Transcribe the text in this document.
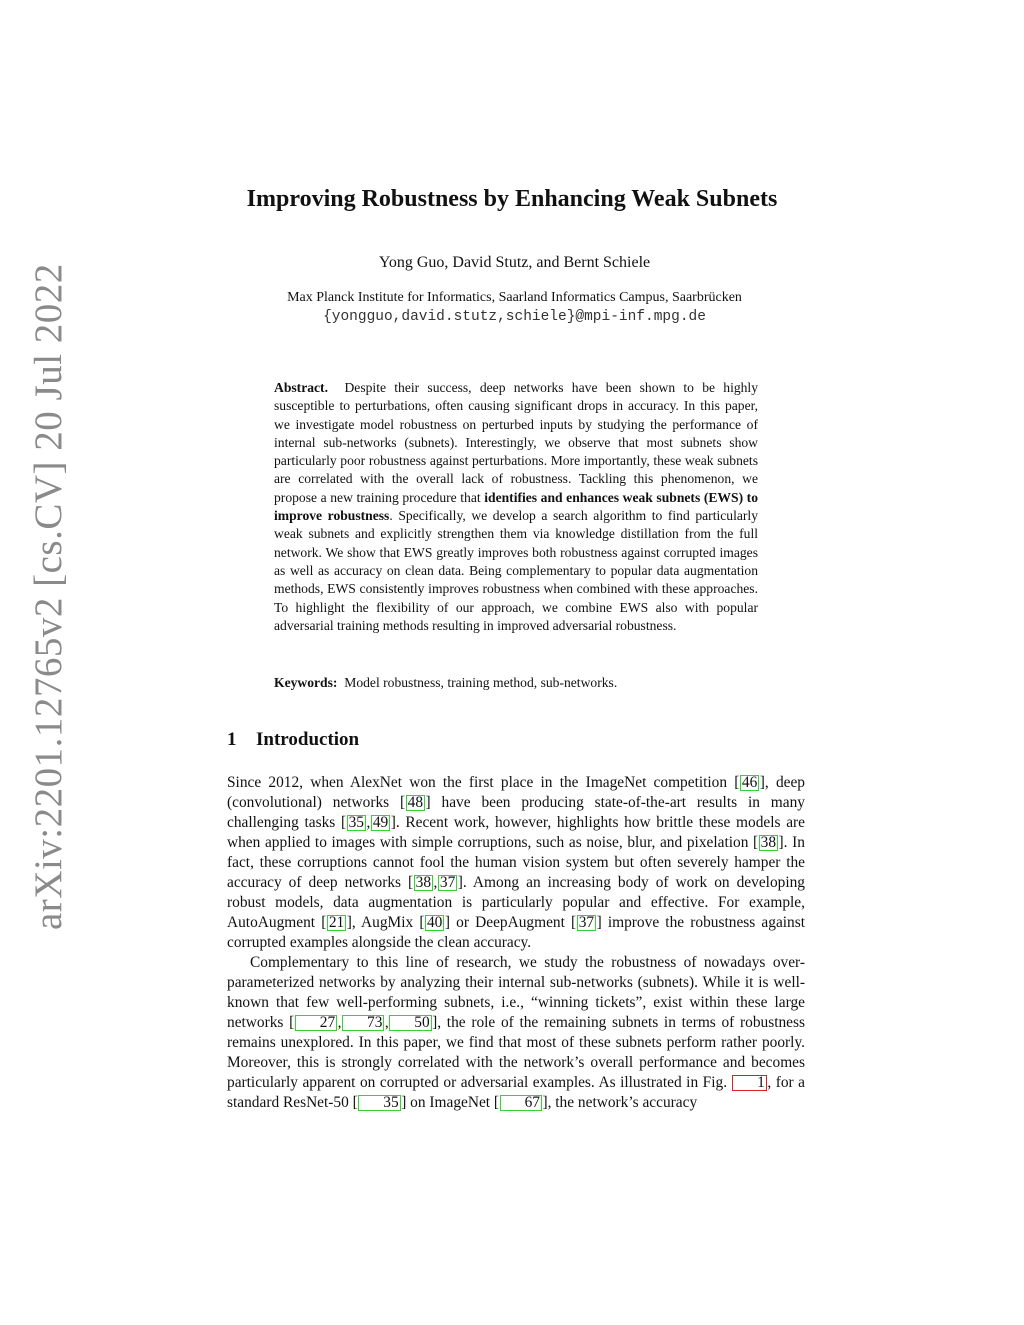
arXiv:2201.12765v2 [cs.CV] 20 Jul 2022
Improving Robustness by Enhancing Weak Subnets
Yong Guo, David Stutz, and Bernt Schiele
Max Planck Institute for Informatics, Saarland Informatics Campus, Saarbrücken
{yongguo,david.stutz,schiele}@mpi-inf.mpg.de

Abstract. Despite their success, deep networks have been shown to be highly susceptible to perturbations, often causing significant drops in accuracy. In this paper, we investigate model robustness on perturbed inputs by studying the performance of internal sub-networks (subnets). Interestingly, we observe that most subnets show particularly poor robustness against perturbations. More importantly, these weak subnets are correlated with the overall lack of robustness. Tackling this phenomenon, we propose a new training procedure that identifies and enhances weak subnets (EWS) to improve robustness. Specifically, we develop a search algorithm to find particularly weak subnets and explicitly strengthen them via knowledge distillation from the full network. We show that EWS greatly improves both robustness against corrupted images as well as accuracy on clean data. Being complementary to popular data augmentation methods, EWS consistently improves robustness when combined with these approaches. To highlight the flexibility of our approach, we combine EWS also with popular adversarial training methods resulting in improved adversarial robustness.

Keywords: Model robustness, training method, sub-networks.

1 Introduction

Since 2012, when AlexNet won the first place in the ImageNet competition [ 46 ], deep (convolutional) networks [ 48 ] have been producing state-of-the-art results in many challenging tasks [ 35 , 49 ]. Recent work, however, highlights how brittle these models are when applied to images with simple corruptions, such as noise, blur, and pixelation [ 38 ]. In fact, these corruptions cannot fool the human vision system but often severely hamper the accuracy of deep networks [ 38 , 37 ]. Among an increasing body of work on developing robust models, data augmentation is particularly popular and effective. For example, AutoAugment [ 21 ], AugMix [ 40 ] or DeepAugment [ 37 ] improve the robustness against corrupted examples alongside the clean accuracy.

Complementary to this line of research, we study the robustness of nowadays over-parameterized networks by analyzing their internal sub-networks (subnets). While it is well-known that few well-performing subnets, i.e., “winning tickets”, exist within these large networks [ 27 , 73 , 50 ], the role of the remaining subnets in terms of robustness remains unexplored. In this paper, we find that most of these subnets perform rather poorly. Moreover, this is strongly correlated with the network’s overall performance and becomes particularly apparent on corrupted or adversarial examples. As illustrated in Fig. 1 , for a standard ResNet-50 [ 35 ] on ImageNet [ 67 ], the network’s accuracy
